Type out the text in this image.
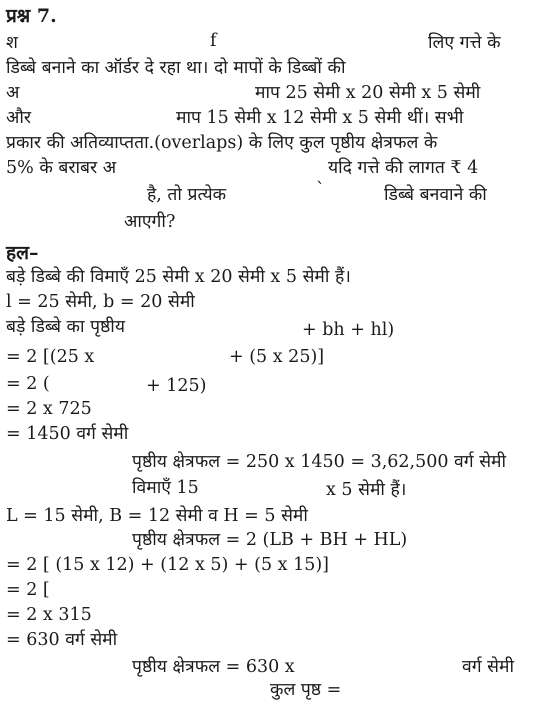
प्रश्न 7.
श	f	लिए गत्ते के
डिब्बे बनाने का ऑर्डर दे रहा था। दो मापों के डिब्बों की
अ	माप 25 सेमी x 20 सेमी x 5 सेमी
और	माप 15 सेमी x 12 सेमी x 5 सेमी थीं। सभी
प्रकार की अतिव्याप्तता.(overlaps) के लिए कुल पृष्ठीय क्षेत्रफल के
5% के बराबर अ	यदि गत्ते की लागत ₹ 4
है, तो प्रत्येक	`	डिब्बे बनवाने की
आएगी?
हल–
बड़े डिब्बे की विमाएँ 25 सेमी x 20 सेमी x 5 सेमी हैं।
l = 25 सेमी, b = 20 सेमी
बड़े डिब्बे का पृष्ठीय	+ bh + hl)
= 2 [(25 x	+ (5 x 25)]
= 2 (	+ 125)
= 2 x 725
= 1450 वर्ग सेमी
पृष्ठीय क्षेत्रफल = 250 x 1450 = 3,62,500 वर्ग सेमी
विमाएँ 15	x 5 सेमी हैं।
L = 15 सेमी, B = 12 सेमी व H = 5 सेमी
पृष्ठीय क्षेत्रफल = 2 (LB + BH + HL)
= 2 [ (15 x 12) + (12 x 5) + (5 x 15)]
= 2 [
= 2 x 315
= 630 वर्ग सेमी
पृष्ठीय क्षेत्रफल = 630 x	वर्ग सेमी
कुल पृष्ठ =
